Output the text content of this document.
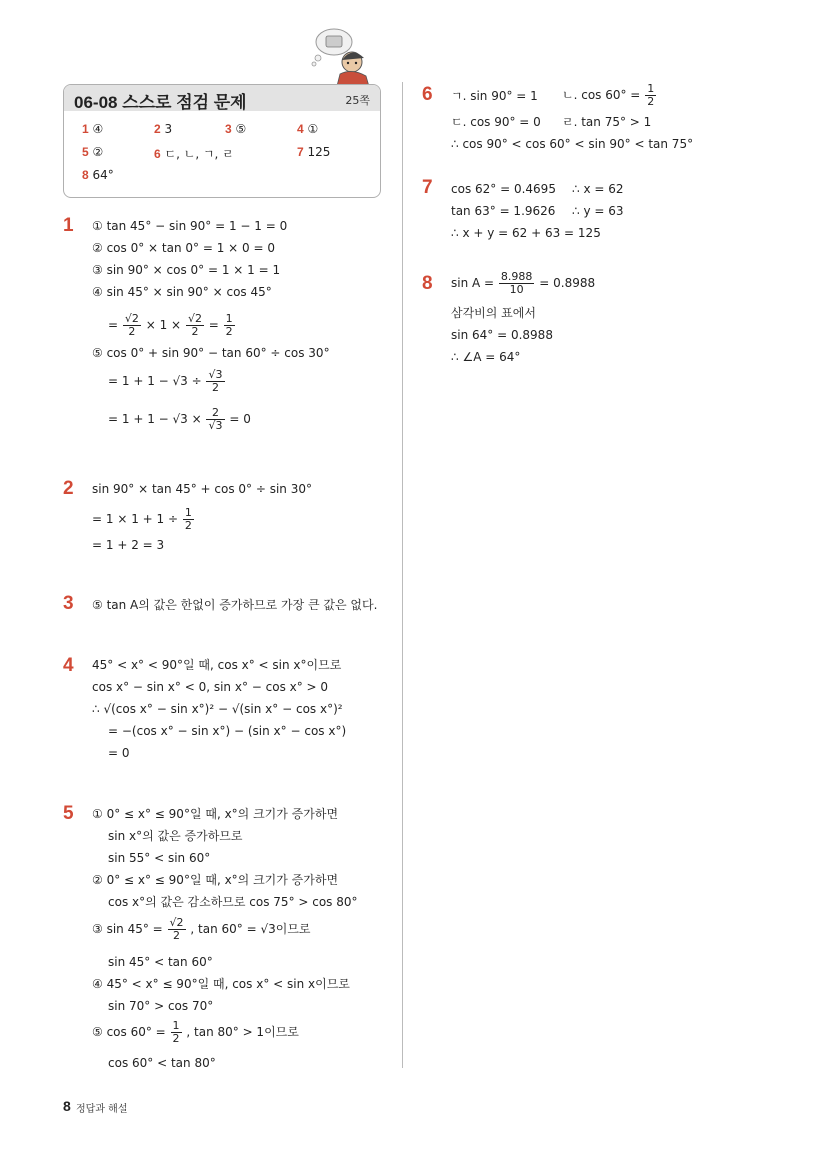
06-08 스스로 점검 문제	25쪽
1 ④	2 3	3 ⑤	4 ①
5 ②	6 ㄷ, ㄴ, ㄱ, ㄹ	7 125
8 64°
1 ① tan 45° − sin 90° = 1 − 1 = 0
② cos 0° × tan 0° = 1 × 0 = 0
③ sin 90° × cos 0° = 1 × 1 = 1
④ sin 45° × sin 90° × cos 45°
= $\frac{√2}{2} \times 1 \times \frac{√2}{2} = \frac{1}{2}$
⑤ cos 0° + sin 90° − tan 60° ÷ cos 30°
= $1 + 1 - √3 \div \frac{√3}{2}$
= $1 + 1 - √3 \times \frac{2}{√3} = 0$
2 sin 90° × tan 45° + cos 0° ÷ sin 30°
= $1 \times 1 + 1 \div \frac{1}{2}$
= 1 + 2 = 3
3 ⑤ tan A의 값은 한없이 증가하므로 가장 큰 값은 없다.
4 45° < x° < 90°일 때, cos x° < sin x°이므로
cos x° − sin x° < 0, sin x° − cos x° > 0
∴ √(cos x° − sin x°)² − √(sin x° − cos x°)²
= −(cos x° − sin x°) − (sin x° − cos x°)
= 0
5 ① 0° ≤ x° ≤ 90°일 때, x°의 크기가 증가하면
sin x°의 값은 증가하므로
sin 55° < sin 60°
② 0° ≤ x° ≤ 90°일 때, x°의 크기가 증가하면
cos x°의 값은 감소하므로 cos 75° > cos 80°
③ $\sin 45^\circ = \frac{√2}{2}$ , tan 60° = √3이므로
sin 45° < tan 60°
④ 45° < x° ≤ 90°일 때, cos x° < sin x이므로
sin 70° > cos 70°
⑤ $\cos 60^\circ = \frac{1}{2}$ , tan 80° > 1이므로
cos 60° < tan 80°
6 ㄱ. sin 90° = 1 ㄴ. $\cos 60^\circ = \frac{1}{2}$
ㄷ. cos 90° = 0 ㄹ. tan 75° > 1
∴ cos 90° < cos 60° < sin 90° < tan 75°
7 cos 62° = 0.4695 ∴ x = 62
tan 63° = 1.9626 ∴ y = 63
∴ x + y = 62 + 63 = 125
8 $\sin A = \frac{8.988}{10} = 0.8988$
삼각비의 표에서
sin 64° = 0.8988
∴ ∠A = 64°
8 정답과 해설
